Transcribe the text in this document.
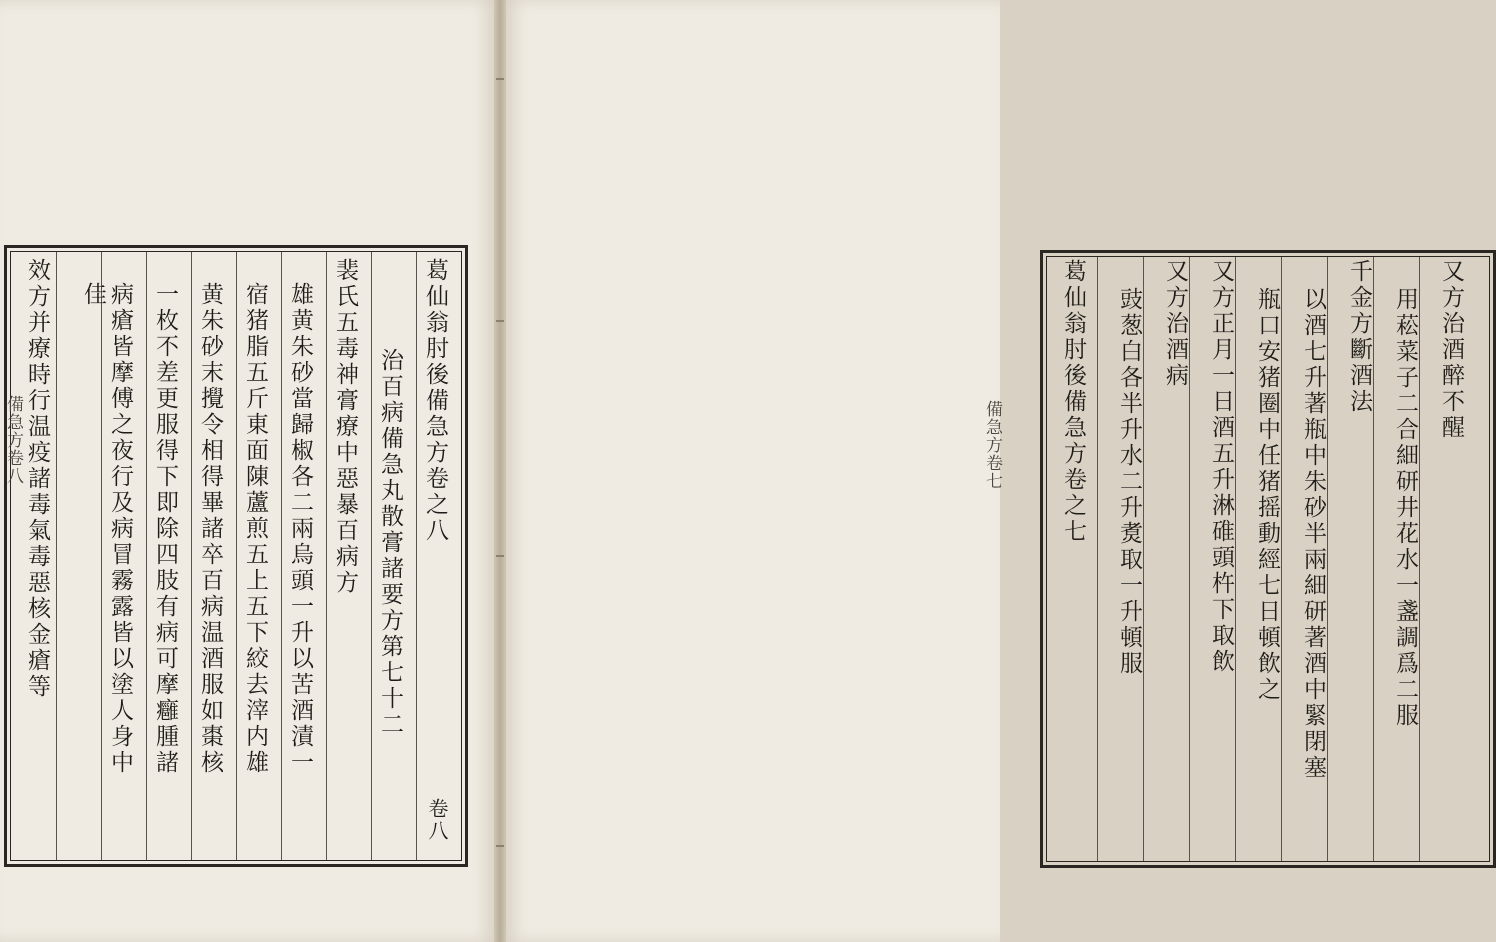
葛仙翁肘後備急方卷之八
卷八
治百病備急丸散膏諸要方第七十二
裴氏五毒神膏療中惡暴百病方
雄黄朱砂當歸椒各二兩烏頭一升以苦酒漬一
宿猪脂五斤東面陳蘆煎五上五下絞去滓内雄
黄朱砂末攪令相得畢諸卒百病温酒服如棗核
一枚不差更服得下即除四肢有病可摩癰腫諸
病瘡皆摩傅之夜行及病冒霧露皆以塗人身中
佳
效方并療時行温疫諸毒氣毒惡核金瘡等	又方治酒醉不醒
用菘菜子二合細研井花水一盞調爲二服
千金方斷酒法
以酒七升著瓶中朱砂半兩細研著酒中緊閉塞
瓶口安猪圈中任猪摇動經七日頓飲之
又方正月一日酒五升淋碓頭杵下取飲
又方治酒病
豉葱白各半升水二升煑取一升頓服
葛仙翁肘後備急方卷之七
備急方卷七
備急方卷八
